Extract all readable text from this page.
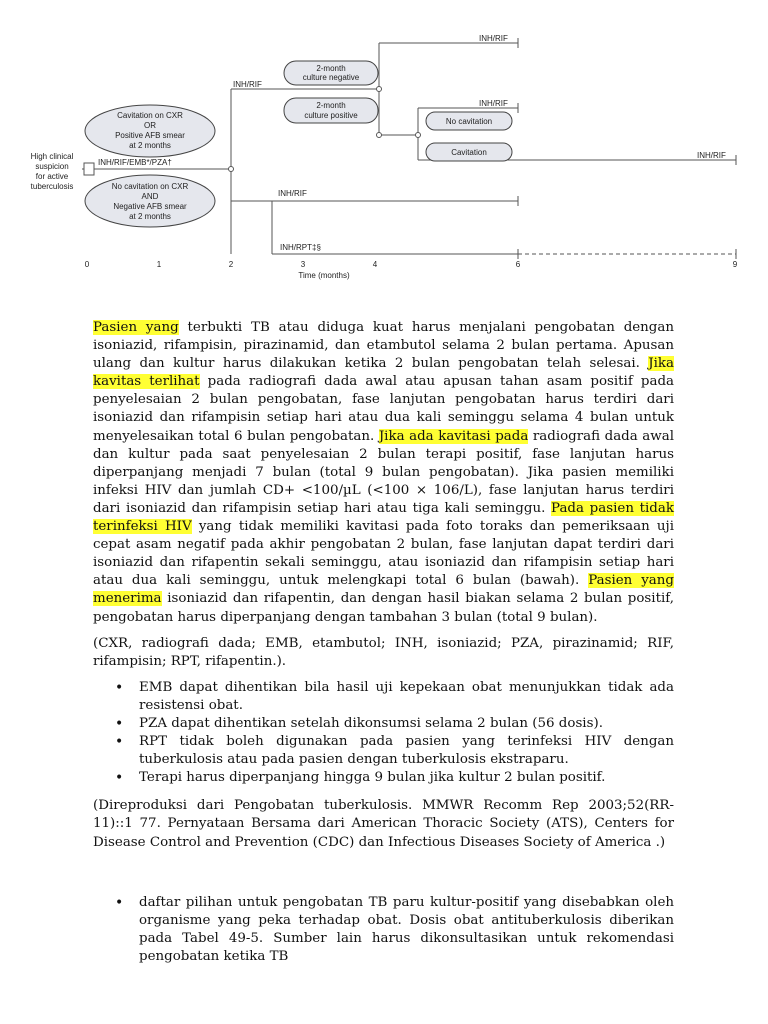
Cavitation on CXR
OR
Positive AFB smear
at 2 months
No cavitation on CXR
AND
Negative AFB smear
at 2 months
2-month
culture negative
2-month
culture positive
No cavitation
Cavitation
High clinical
suspicion
for active
tuberculosis
Time (months)
INH/RIF/EMB*/PZA†
INH/RIF
INH/RIF
INH/RIF
INH/RIF
INH/RIF
INH/RPT‡§
0	1	2	3	4	6	9

Pasien yang terbukti TB atau diduga kuat harus menjalani pengobatan dengan isoniazid, rifampisin, pirazinamid, dan etambutol selama 2 bulan pertama. Apusan ulang dan kultur harus dilakukan ketika 2 bulan pengobatan telah selesai. Jika kavitas terlihat pada radiografi dada awal atau apusan tahan asam positif pada penyelesaian 2 bulan pengobatan, fase lanjutan pengobatan harus terdiri dari isoniazid dan rifampisin setiap hari atau dua kali seminggu selama 4 bulan untuk menyelesaikan total 6 bulan pengobatan. Jika ada kavitasi pada radiografi dada awal dan kultur pada saat penyelesaian 2 bulan terapi positif, fase lanjutan harus diperpanjang menjadi 7 bulan (total 9 bulan pengobatan). Jika pasien memiliki infeksi HIV dan jumlah CD+ <100/µL (<100 × 106/L), fase lanjutan harus terdiri dari isoniazid dan rifampisin setiap hari atau tiga kali seminggu. Pada pasien tidak terinfeksi HIV yang tidak memiliki kavitasi pada foto toraks dan pemeriksaan uji cepat asam negatif pada akhir pengobatan 2 bulan, fase lanjutan dapat terdiri dari isoniazid dan rifapentin sekali seminggu, atau isoniazid dan rifampisin setiap hari atau dua kali seminggu, untuk melengkapi total 6 bulan (bawah). Pasien yang menerima isoniazid dan rifapentin, dan dengan hasil biakan selama 2 bulan positif, pengobatan harus diperpanjang dengan tambahan 3 bulan (total 9 bulan).

(CXR, radiografi dada; EMB, etambutol; INH, isoniazid; PZA, pirazinamid; RIF, rifampisin; RPT, rifapentin.).

• EMB dapat dihentikan bila hasil uji kepekaan obat menunjukkan tidak ada resistensi obat.
• PZA dapat dihentikan setelah dikonsumsi selama 2 bulan (56 dosis).
• RPT tidak boleh digunakan pada pasien yang terinfeksi HIV dengan tuberkulosis atau pada pasien dengan tuberkulosis ekstraparu.
• Terapi harus diperpanjang hingga 9 bulan jika kultur 2 bulan positif.

(Direproduksi dari Pengobatan tuberkulosis. MMWR Recomm Rep 2003;52(RR-11)::1 77. Pernyataan Bersama dari American Thoracic Society (ATS), Centers for Disease Control and Prevention (CDC) dan Infectious Diseases Society of America .)

• daftar pilihan untuk pengobatan TB paru kultur-positif yang disebabkan oleh organisme yang peka terhadap obat. Dosis obat antituberkulosis diberikan pada Tabel 49-5. Sumber lain harus dikonsultasikan untuk rekomendasi pengobatan ketika TB
